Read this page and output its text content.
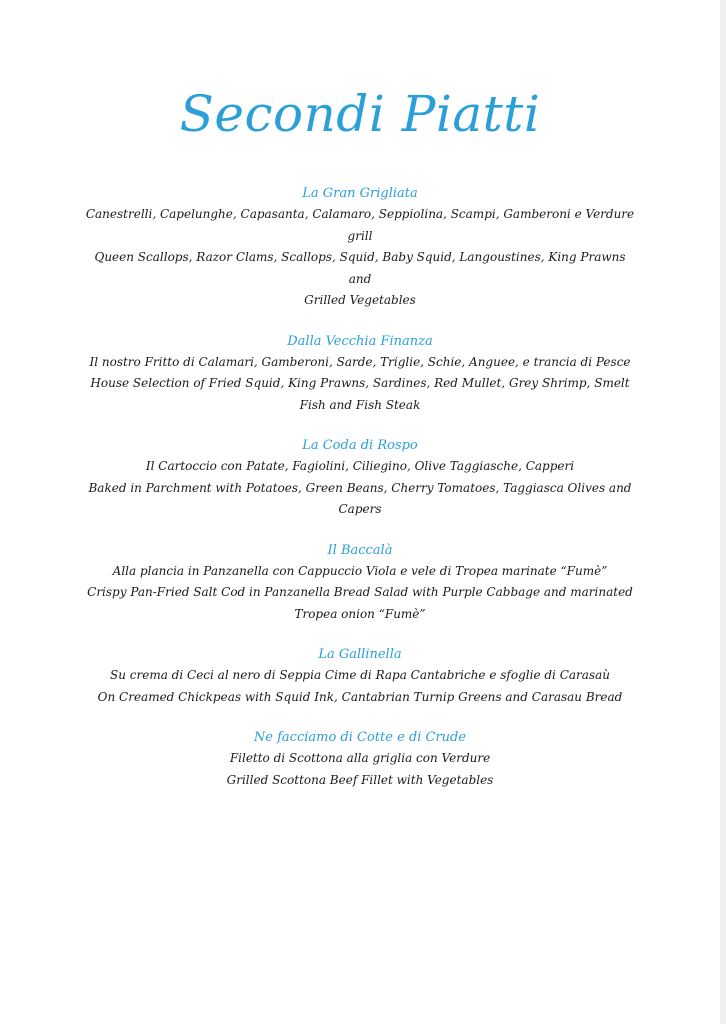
Secondi Piatti
La Gran Grigliata
Canestrelli, Capelunghe, Capasanta, Calamaro, Seppiolina, Scampi, Gamberoni e Verdure
grill
Queen Scallops, Razor Clams, Scallops, Squid, Baby Squid, Langoustines, King Prawns
and
Grilled Vegetables
Dalla Vecchia Finanza
Il nostro Fritto di Calamari, Gamberoni, Sarde, Triglie, Schie, Anguee, e trancia di Pesce
House Selection of Fried Squid, King Prawns, Sardines, Red Mullet, Grey Shrimp, Smelt
Fish and Fish Steak
La Coda di Rospo
Il Cartoccio con Patate, Fagiolini, Ciliegino, Olive Taggiasche, Capperi
Baked in Parchment with Potatoes, Green Beans, Cherry Tomatoes, Taggiasca Olives and
Capers
Il Baccalà
Alla plancia in Panzanella con Cappuccio Viola e vele di Tropea marinate “Fumè”
Crispy Pan-Fried Salt Cod in Panzanella Bread Salad with Purple Cabbage and marinated
Tropea onion “Fumè”
La Gallinella
Su crema di Ceci al nero di Seppia Cime di Rapa Cantabriche e sfoglie di Carasaù
On Creamed Chickpeas with Squid Ink, Cantabrian Turnip Greens and Carasau Bread
Ne facciamo di Cotte e di Crude
Filetto di Scottona alla griglia con Verdure
Grilled Scottona Beef Fillet with Vegetables
